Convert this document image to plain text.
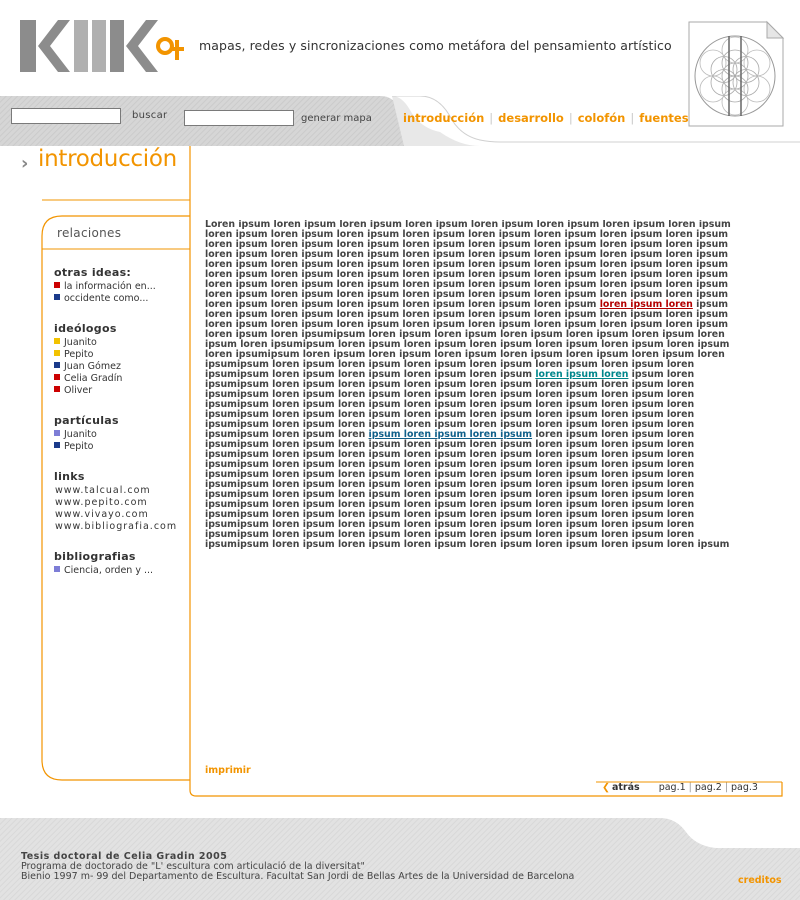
mapas, redes y sincronizaciones como metáfora del pensamiento artístico
buscar	generar mapa	introducción | desarrollo | colofón | fuentes
› introducción
relaciones
otras ideas:
la información en...
occidente como...
ideólogos
Juanito
Pepito
Juan Gómez
Celia Gradín
Oliver
partículas
Juanito
Pepito
links
www.talcual.com
www.pepito.com
www.vivayo.com
www.bibliografia.com
bibliografias
Ciencia, orden y ...
Loren ipsum loren ipsum loren ipsum loren ipsum loren ipsum loren ipsum loren ipsum loren ipsum
loren ipsum loren ipsum loren ipsum loren ipsum loren ipsum loren ipsum loren ipsum loren ipsum
loren ipsum loren ipsum loren ipsum loren ipsum loren ipsum loren ipsum loren ipsum loren ipsum
loren ipsum loren ipsum loren ipsum loren ipsum loren ipsum loren ipsum loren ipsum loren ipsum
loren ipsum loren ipsum loren ipsum loren ipsum loren ipsum loren ipsum loren ipsum loren ipsum
loren ipsum loren ipsum loren ipsum loren ipsum loren ipsum loren ipsum loren ipsum loren ipsum
loren ipsum loren ipsum loren ipsum loren ipsum loren ipsum loren ipsum loren ipsum loren ipsum
loren ipsum loren ipsum loren ipsum loren ipsum loren ipsum loren ipsum loren ipsum loren ipsum
loren ipsum loren ipsum loren ipsum loren ipsum loren ipsum loren ipsum loren ipsum loren ipsum
loren ipsum loren ipsum loren ipsum loren ipsum loren ipsum loren ipsum loren ipsum loren ipsum
loren ipsum loren ipsum loren ipsum loren ipsum loren ipsum loren ipsum loren ipsum loren ipsum
loren ipsum loren ipsumipsum loren ipsum loren ipsum loren ipsum loren ipsum loren ipsum loren
ipsum loren ipsumipsum loren ipsum loren ipsum loren ipsum loren ipsum loren ipsum loren ipsum
loren ipsumipsum loren ipsum loren ipsum loren ipsum loren ipsum loren ipsum loren ipsum loren
ipsumipsum loren ipsum loren ipsum loren ipsum loren ipsum loren ipsum loren ipsum loren
ipsumipsum loren ipsum loren ipsum loren ipsum loren ipsum loren ipsum loren ipsum loren
ipsumipsum loren ipsum loren ipsum loren ipsum loren ipsum loren ipsum loren ipsum loren
ipsumipsum loren ipsum loren ipsum loren ipsum loren ipsum loren ipsum loren ipsum loren
ipsumipsum loren ipsum loren ipsum loren ipsum loren ipsum loren ipsum loren ipsum loren
ipsumipsum loren ipsum loren ipsum loren ipsum loren ipsum loren ipsum loren ipsum loren
ipsumipsum loren ipsum loren ipsum loren ipsum loren ipsum loren ipsum loren ipsum loren
ipsumipsum loren ipsum loren ipsum loren ipsum loren ipsum loren ipsum loren ipsum loren
ipsumipsum loren ipsum loren ipsum loren ipsum loren ipsum loren ipsum loren ipsum loren
ipsumipsum loren ipsum loren ipsum loren ipsum loren ipsum loren ipsum loren ipsum loren
ipsumipsum loren ipsum loren ipsum loren ipsum loren ipsum loren ipsum loren ipsum loren
ipsumipsum loren ipsum loren ipsum loren ipsum loren ipsum loren ipsum loren ipsum loren
ipsumipsum loren ipsum loren ipsum loren ipsum loren ipsum loren ipsum loren ipsum loren
ipsumipsum loren ipsum loren ipsum loren ipsum loren ipsum loren ipsum loren ipsum loren
ipsumipsum loren ipsum loren ipsum loren ipsum loren ipsum loren ipsum loren ipsum loren
ipsumipsum loren ipsum loren ipsum loren ipsum loren ipsum loren ipsum loren ipsum loren
ipsumipsum loren ipsum loren ipsum loren ipsum loren ipsum loren ipsum loren ipsum loren
ipsumipsum loren ipsum loren ipsum loren ipsum loren ipsum loren ipsum loren ipsum loren
ipsumipsum loren ipsum loren ipsum loren ipsum loren ipsum loren ipsum loren ipsum loren ipsum
imprimir
❮ atrás pag.1 | pag.2 | pag.3
Tesis doctoral de Celia Gradin 2005
Programa de doctorado de "L' escultura com articulació de la diversitat"
Bienio 1997 m- 99 del Departamento de Escultura. Facultat San Jordi de Bellas Artes de la Universidad de Barcelona	creditos
